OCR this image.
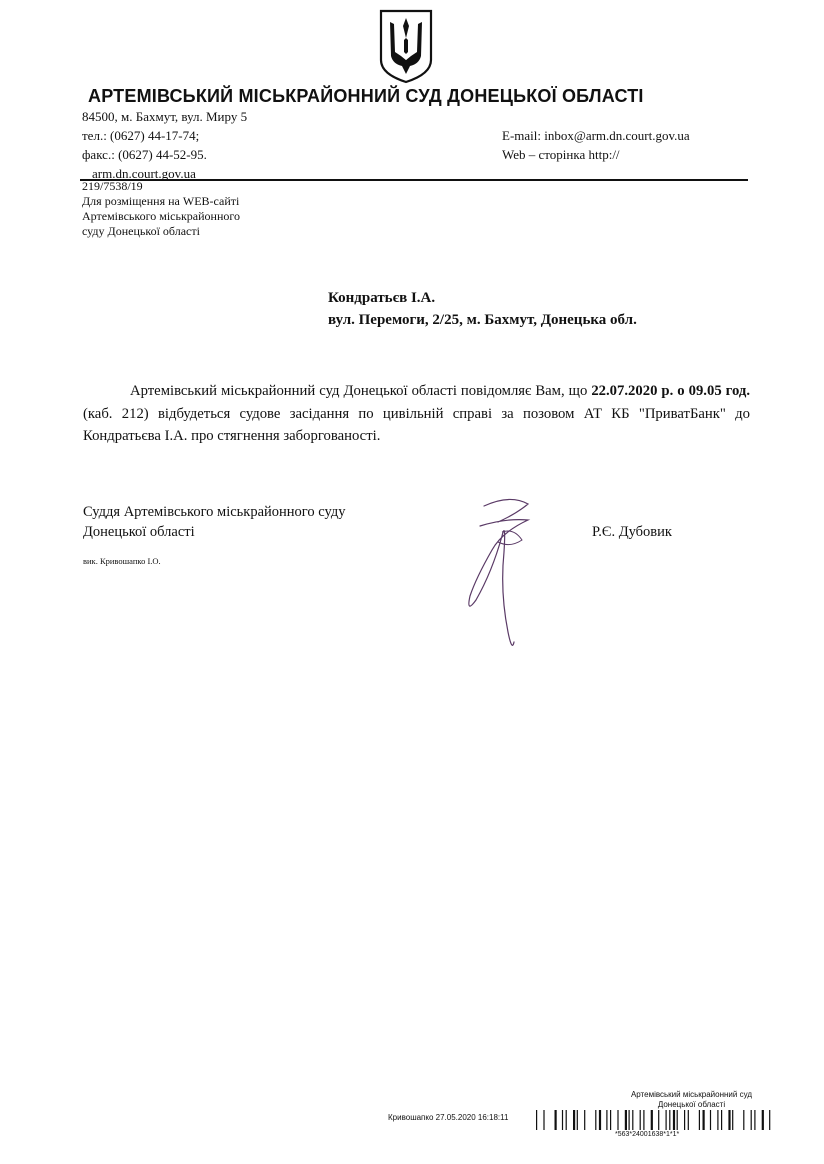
АРТЕМІВСЬКИЙ МІСЬКРАЙОННИЙ СУД ДОНЕЦЬКОЇ ОБЛАСТІ
84500, м. Бахмут, вул. Миру 5
тел.: (0627) 44-17-74;
факс.: (0627) 44-52-95.
arm.dn.court.gov.ua
E-mail: inbox@arm.dn.court.gov.ua
Web – сторінка http://
219/7538/19
Для розміщення на WEB-сайті
Артемівського міськрайонного
суду Донецької області
Кондратьєв І.А.
вул. Перемоги, 2/25, м. Бахмут, Донецька обл.
Артемівський міськрайонний суд Донецької області повідомляє Вам, що 22.07.2020 р. о 09.05 год. (каб. 212) відбудеться судове засідання по цивільній справі за позовом АТ КБ "ПриватБанк" до Кондратьєва І.А. про стягнення заборгованості.
Суддя Артемівського міськрайонного суду
Донецької області	Р.Є. Дубовик
вик. Кривошапко І.О.
Артемівський міськрайонний суд
Донецької області
Кривошапко 27.05.2020 16:18:11
*563*24001638*1*1*
